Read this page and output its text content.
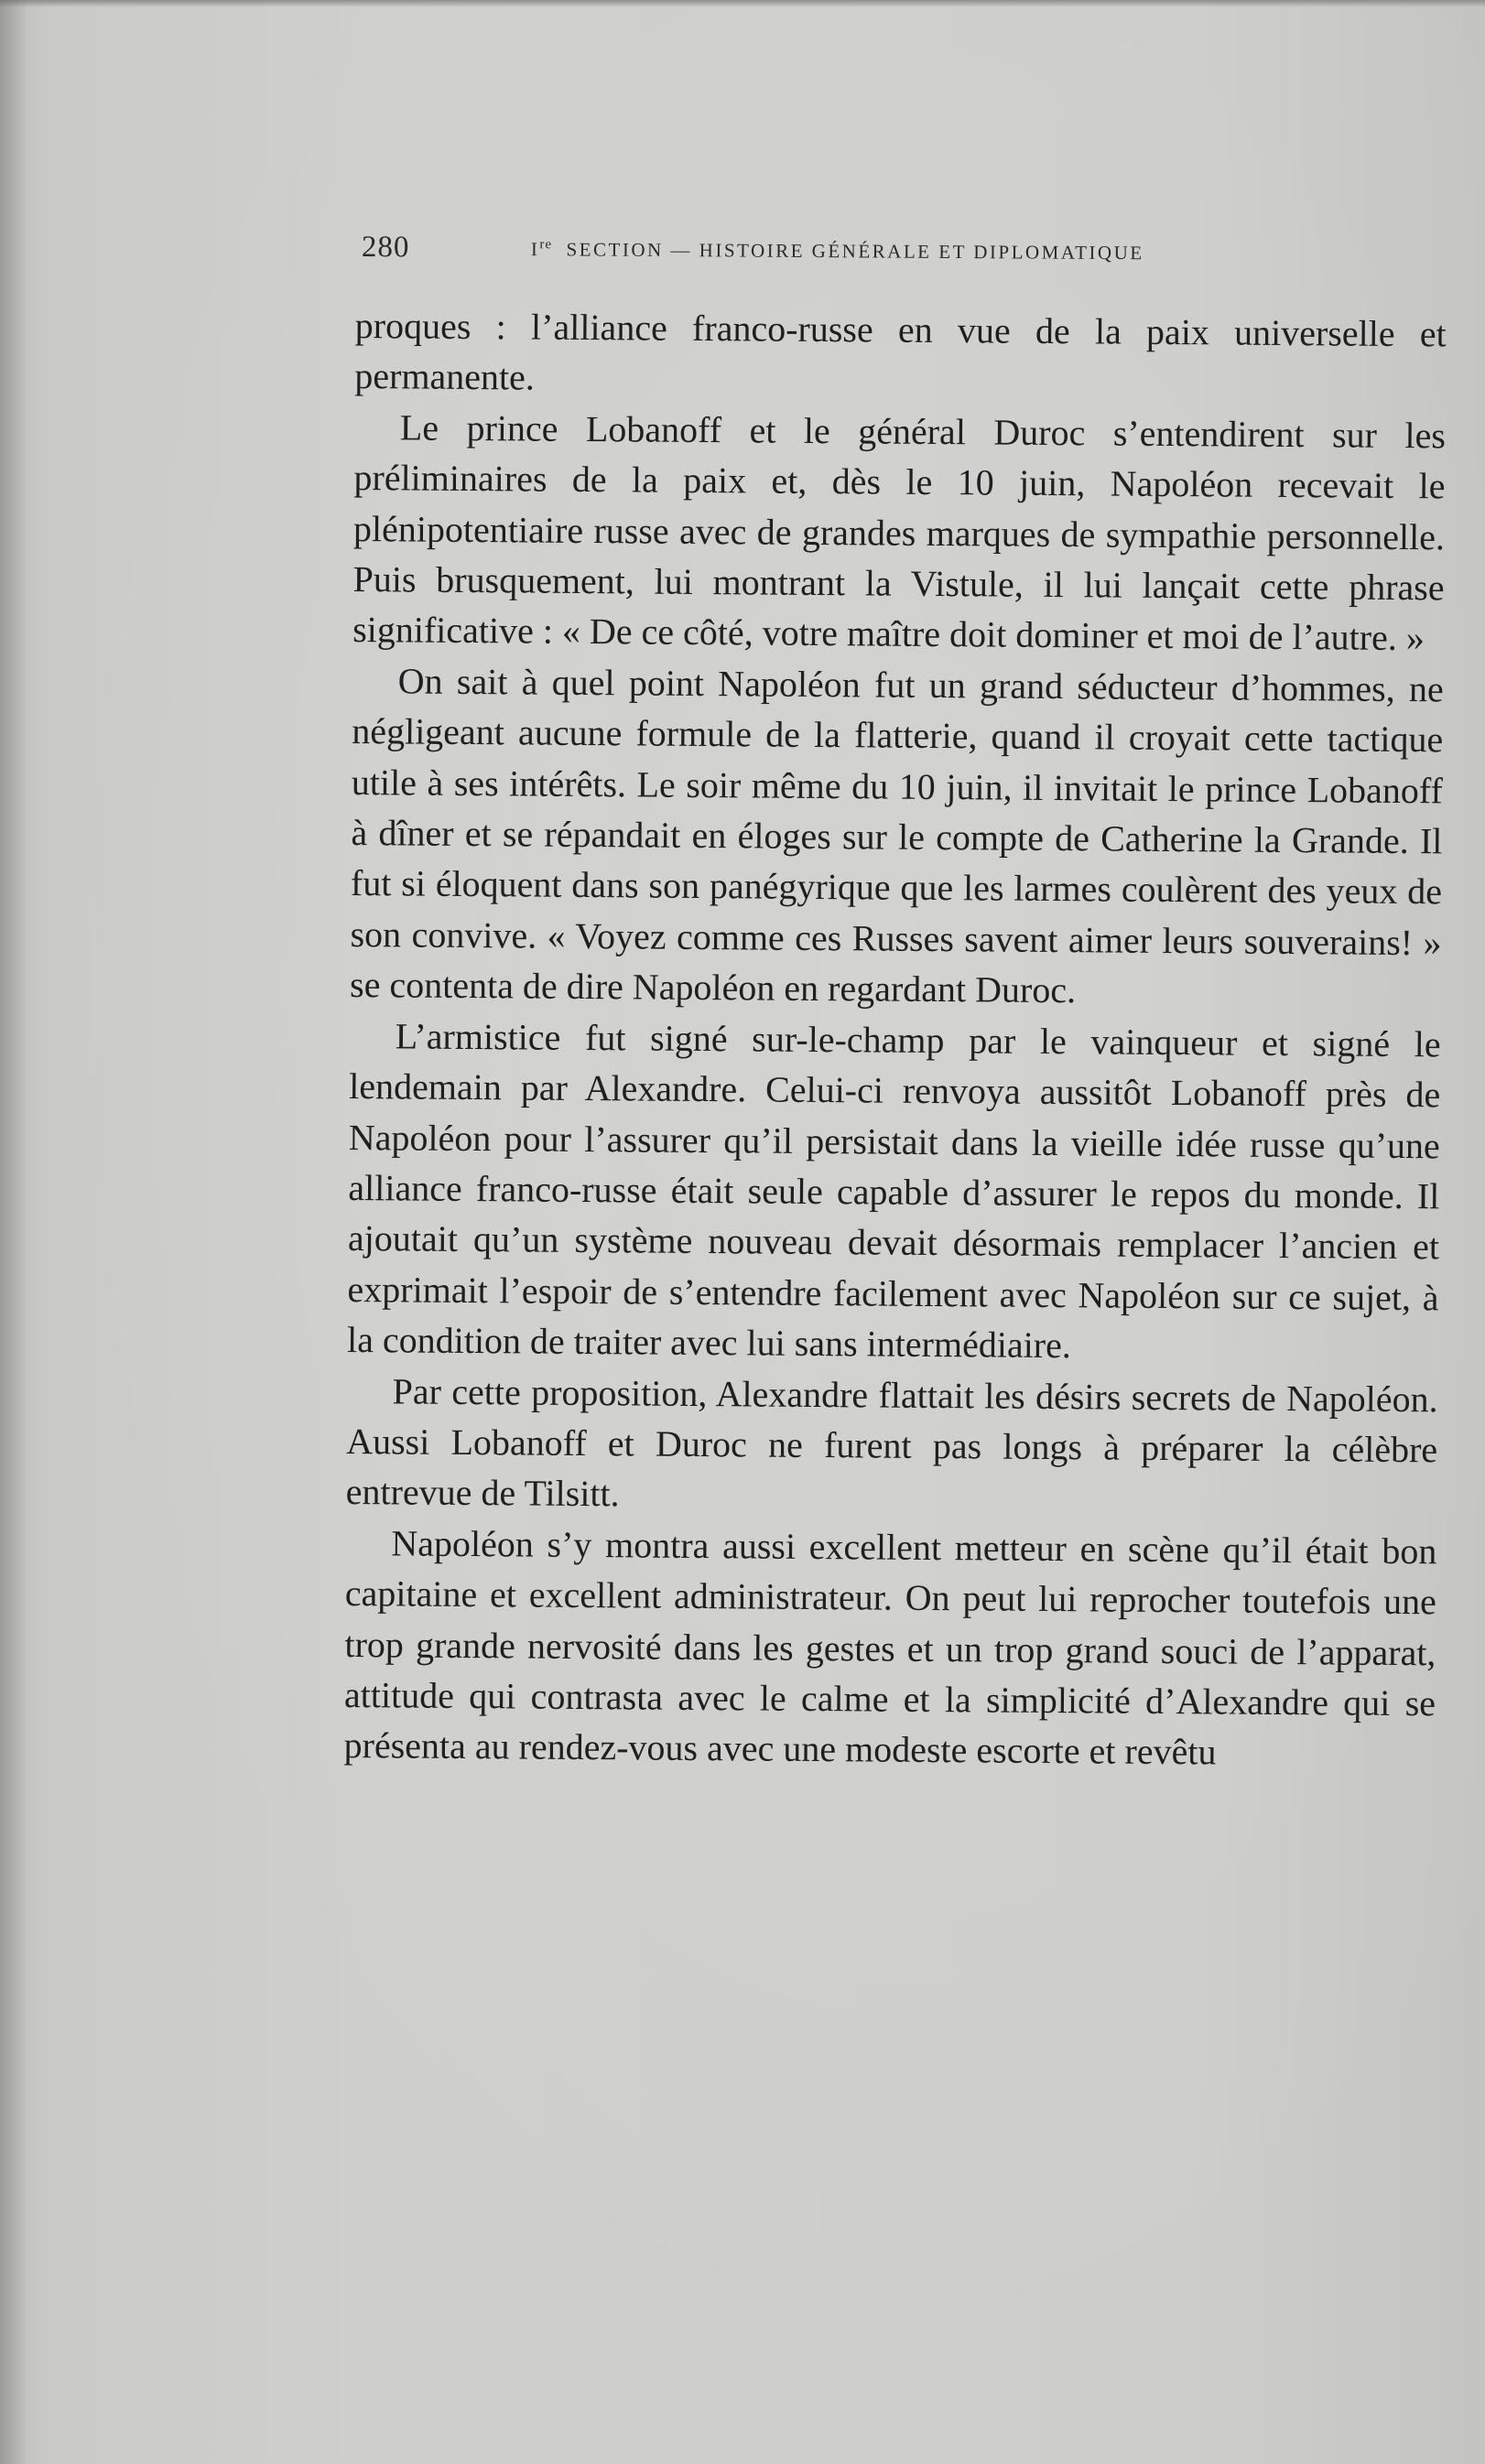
280	Ire SECTION — HISTOIRE GÉNÉRALE ET DIPLOMATIQUE

proques : l’alliance franco-russe en vue de la paix universelle et permanente.

Le prince Lobanoff et le général Duroc s’entendirent sur les préliminaires de la paix et, dès le 10 juin, Napoléon recevait le plénipotentiaire russe avec de grandes marques de sympathie personnelle. Puis brusquement, lui montrant la Vistule, il lui lançait cette phrase significative : « De ce côté, votre maître doit dominer et moi de l’autre. »

On sait à quel point Napoléon fut un grand séducteur d’hommes, ne négligeant aucune formule de la flatterie, quand il croyait cette tactique utile à ses intérêts. Le soir même du 10 juin, il invitait le prince Lobanoff à dîner et se répandait en éloges sur le compte de Catherine la Grande. Il fut si éloquent dans son panégyrique que les larmes coulèrent des yeux de son convive. « Voyez comme ces Russes savent aimer leurs souverains! » se contenta de dire Napoléon en regardant Duroc.

L’armistice fut signé sur-le-champ par le vainqueur et signé le lendemain par Alexandre. Celui-ci renvoya aussitôt Lobanoff près de Napoléon pour l’assurer qu’il persistait dans la vieille idée russe qu’une alliance franco-russe était seule capable d’assurer le repos du monde. Il ajoutait qu’un système nouveau devait désormais remplacer l’ancien et exprimait l’espoir de s’entendre facilement avec Napoléon sur ce sujet, à la condition de traiter avec lui sans intermédiaire.

Par cette proposition, Alexandre flattait les désirs secrets de Napoléon. Aussi Lobanoff et Duroc ne furent pas longs à préparer la célèbre entrevue de Tilsitt.

Napoléon s’y montra aussi excellent metteur en scène qu’il était bon capitaine et excellent administrateur. On peut lui reprocher toutefois une trop grande nervosité dans les gestes et un trop grand souci de l’apparat, attitude qui contrasta avec le calme et la simplicité d’Alexandre qui se présenta au rendez-vous avec une modeste escorte et revêtu
